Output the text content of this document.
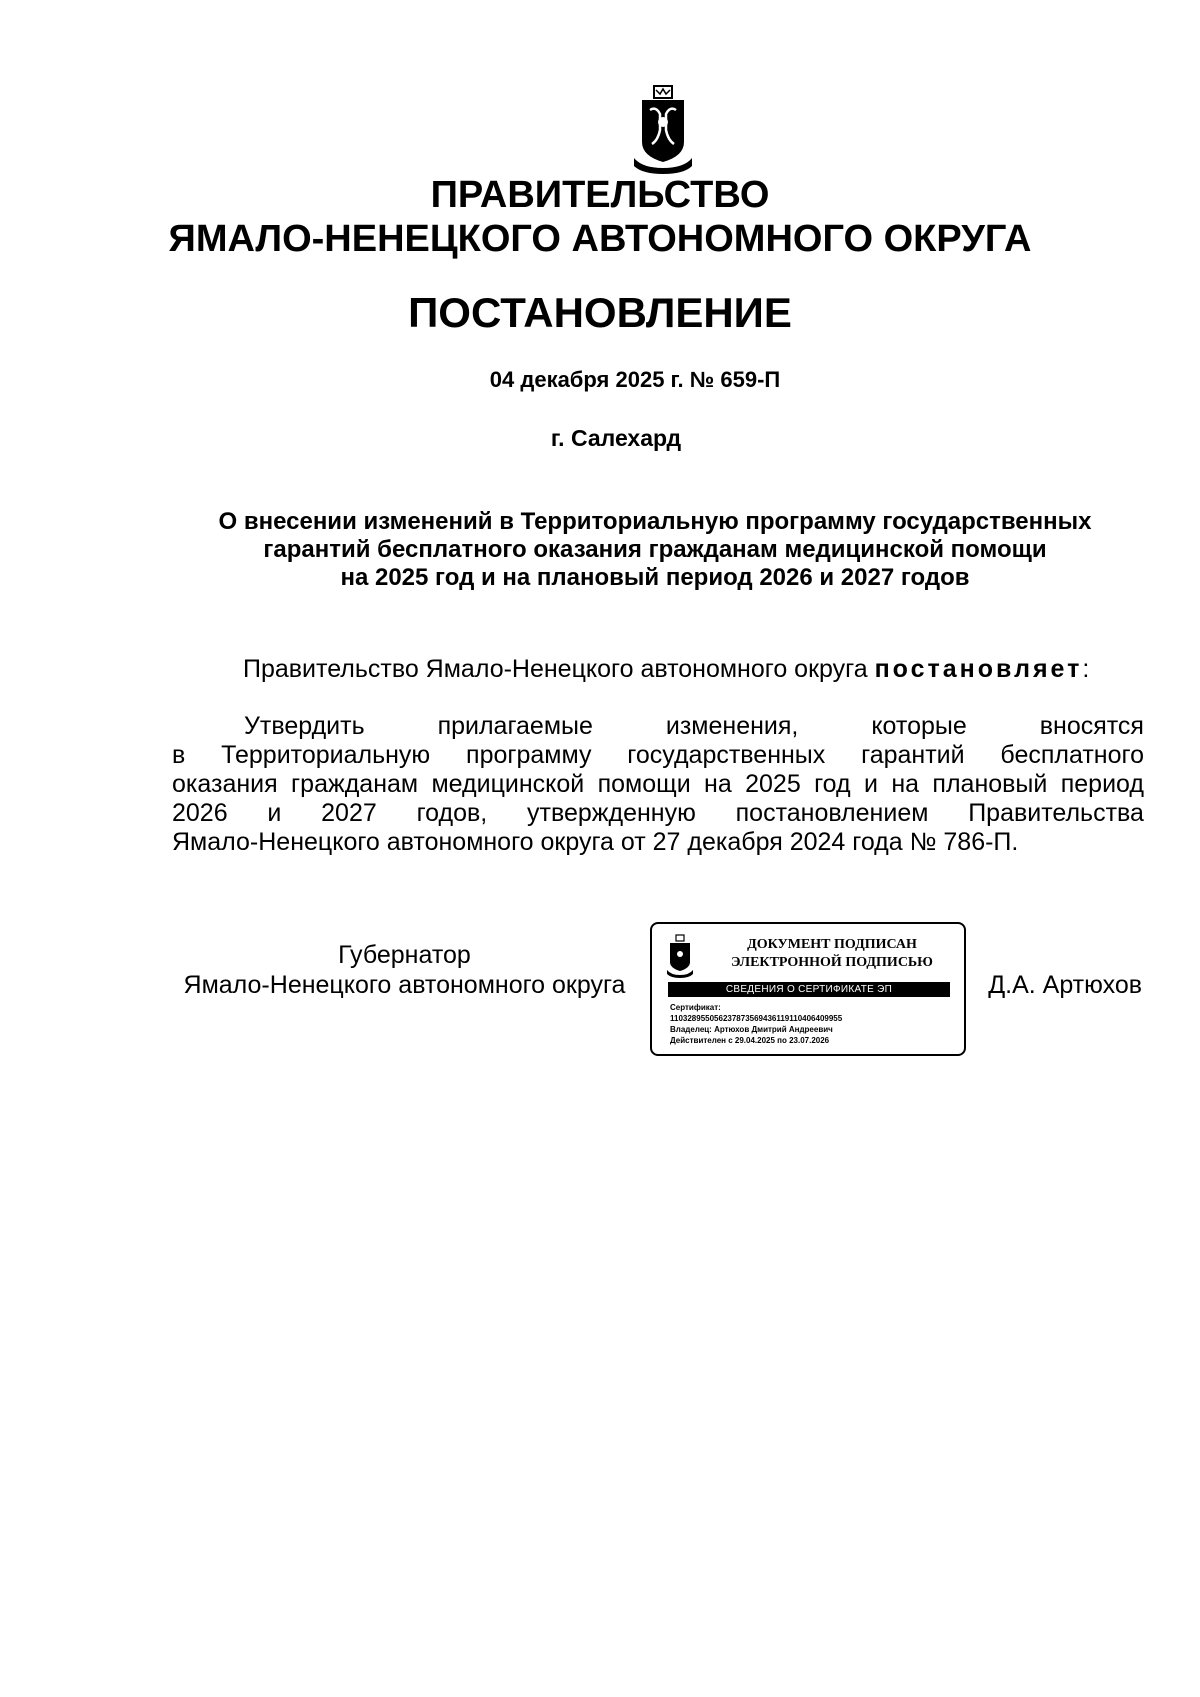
ПРАВИТЕЛЬСТВО
ЯМАЛО-НЕНЕЦКОГО АВТОНОМНОГО ОКРУГА
ПОСТАНОВЛЕНИЕ
04 декабря 2025 г. № 659-П
г. Салехард
О внесении изменений в Территориальную программу государственных
гарантий бесплатного оказания гражданам медицинской помощи
на 2025 год и на плановый период 2026 и 2027 годов
Правительство Ямало-Ненецкого автономного округа постановляет:
Утвердить	прилагаемые	изменения,	которые	вносятся
в Территориальную программу государственных гарантий бесплатного
оказания гражданам медицинской помощи на 2025 год и на плановый период
2026 и 2027 годов, утвержденную постановлением Правительства
Ямало-Ненецкого автономного округа от 27 декабря 2024 года № 786-П.
Губернатор
Ямало-Ненецкого автономного округа
ДОКУМЕНТ ПОДПИСАН
ЭЛЕКТРОННОЙ ПОДПИСЬЮ
СВЕДЕНИЯ О СЕРТИФИКАТЕ ЭП
Сертификат:
110328955056237873569436119110406409955
Владелец: Артюхов Дмитрий Андреевич
Действителен с 29.04.2025 по 23.07.2026
Д.А. Артюхов
